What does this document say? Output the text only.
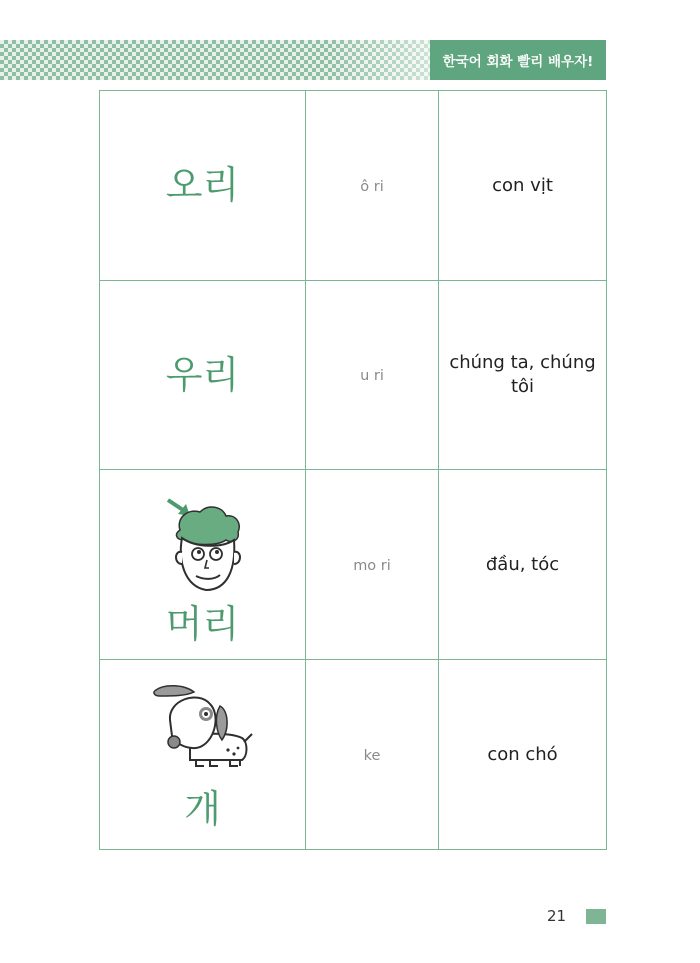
한국어 회화 빨리 배우자!
오리	ô ri	con vịt

우리	u ri	chúng ta, chúng tôi

머리	mo ri	đầu, tóc

개	ke	con chó
21
